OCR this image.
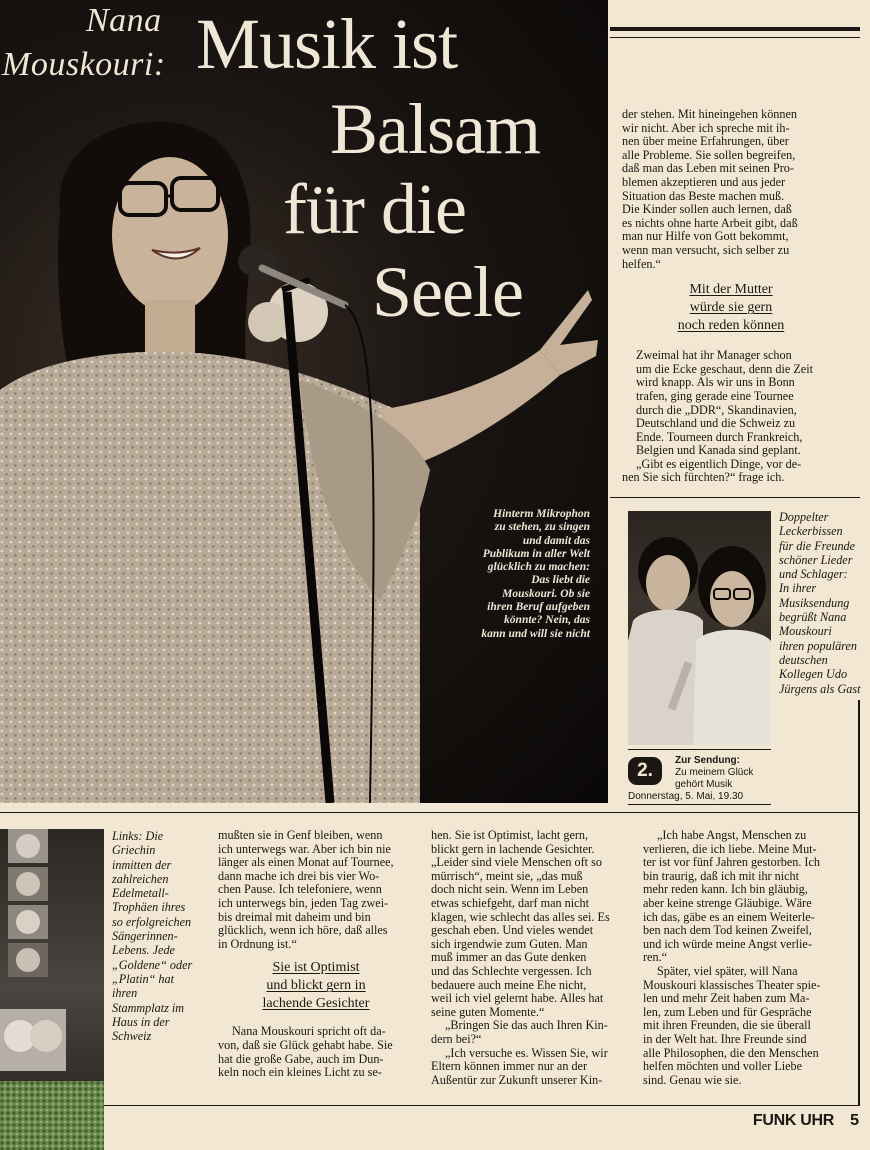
Nana
Mouskouri: Musik ist
Balsam
für die
Seele
Hinterm Mikrophon
zu stehen, zu singen
und damit das
Publikum in aller Welt
glücklich zu machen:
Das liebt die
Mouskouri. Ob sie
ihren Beruf aufgeben
könnte? Nein, das
kann und will sie nicht

der stehen. Mit hineingehen können
wir nicht. Aber ich spreche mit ih-
nen über meine Erfahrungen, über
alle Probleme. Sie sollen begreifen,
daß man das Leben mit seinen Pro-
blemen akzeptieren und aus jeder
Situation das Beste machen muß.
Die Kinder sollen auch lernen, daß
es nichts ohne harte Arbeit gibt, daß
man nur Hilfe von Gott bekommt,
wenn man versucht, sich selber zu
helfen.“

Mit der Mutter
würde sie gern
noch reden können

Zweimal hat ihr Manager schon
um die Ecke geschaut, denn die Zeit
wird knapp. Als wir uns in Bonn
trafen, ging gerade eine Tournee
durch die „DDR“, Skandinavien,
Deutschland und die Schweiz zu
Ende. Tourneen durch Frankreich,
Belgien und Kanada sind geplant.

„Gibt es eigentlich Dinge, vor de-
nen Sie sich fürchten?“ frage ich.

Doppelter
Leckerbissen
für die Freunde
schöner Lieder
und Schlager:
In ihrer
Musiksendung
begrüßt Nana
Mouskouri
ihren populären
deutschen
Kollegen Udo
Jürgens als Gast
2.	Zur Sendung:
Zu meinem Glück
gehört Musik
Donnerstag, 5. Mai, 19.30
Links: Die
Griechin
inmitten der
zahlreichen
Edelmetall-
Trophäen ihres
so erfolgreichen
Sängerinnen-
Lebens. Jede
„Goldene“ oder
„Platin“ hat
ihren
Stammplatz im
Haus in der
Schweiz

mußten sie in Genf bleiben, wenn
ich unterwegs war. Aber ich bin nie
länger als einen Monat auf Tournee,
dann mache ich drei bis vier Wo-
chen Pause. Ich telefoniere, wenn
ich unterwegs bin, jeden Tag zwei-
bis dreimal mit daheim und bin
glücklich, wenn ich höre, daß alles
in Ordnung ist.“

Sie ist Optimist
und blickt gern in
lachende Gesichter

Nana Mouskouri spricht oft da-
von, daß sie Glück gehabt habe. Sie
hat die große Gabe, auch im Dun-
keln noch ein kleines Licht zu se-

hen. Sie ist Optimist, lacht gern,
blickt gern in lachende Gesichter.
„Leider sind viele Menschen oft so
mürrisch“, meint sie, „das muß
doch nicht sein. Wenn im Leben
etwas schiefgeht, darf man nicht
klagen, wie schlecht das alles sei. Es
geschah eben. Und vieles wendet
sich irgendwie zum Guten. Man
muß immer an das Gute denken
und das Schlechte vergessen. Ich
bedauere auch meine Ehe nicht,
weil ich viel gelernt habe. Alles hat
seine guten Momente.“

„Bringen Sie das auch Ihren Kin-
dern bei?“

„Ich versuche es. Wissen Sie, wir
Eltern können immer nur an der
Außentür zur Zukunft unserer Kin-

„Ich habe Angst, Menschen zu
verlieren, die ich liebe. Meine Mut-
ter ist vor fünf Jahren gestorben. Ich
bin traurig, daß ich mit ihr nicht
mehr reden kann. Ich bin gläubig,
aber keine strenge Gläubige. Wäre
ich das, gäbe es an einem Weiterle-
ben nach dem Tod keinen Zweifel,
und ich würde meine Angst verlie-
ren.“

Später, viel später, will Nana
Mouskouri klassisches Theater spie-
len und mehr Zeit haben zum Ma-
len, zum Leben und für Gespräche
mit ihren Freunden, die sie überall
in der Welt hat. Ihre Freunde sind
alle Philosophen, die den Menschen
helfen möchten und voller Liebe
sind. Genau wie sie.

FUNK UHR 5
